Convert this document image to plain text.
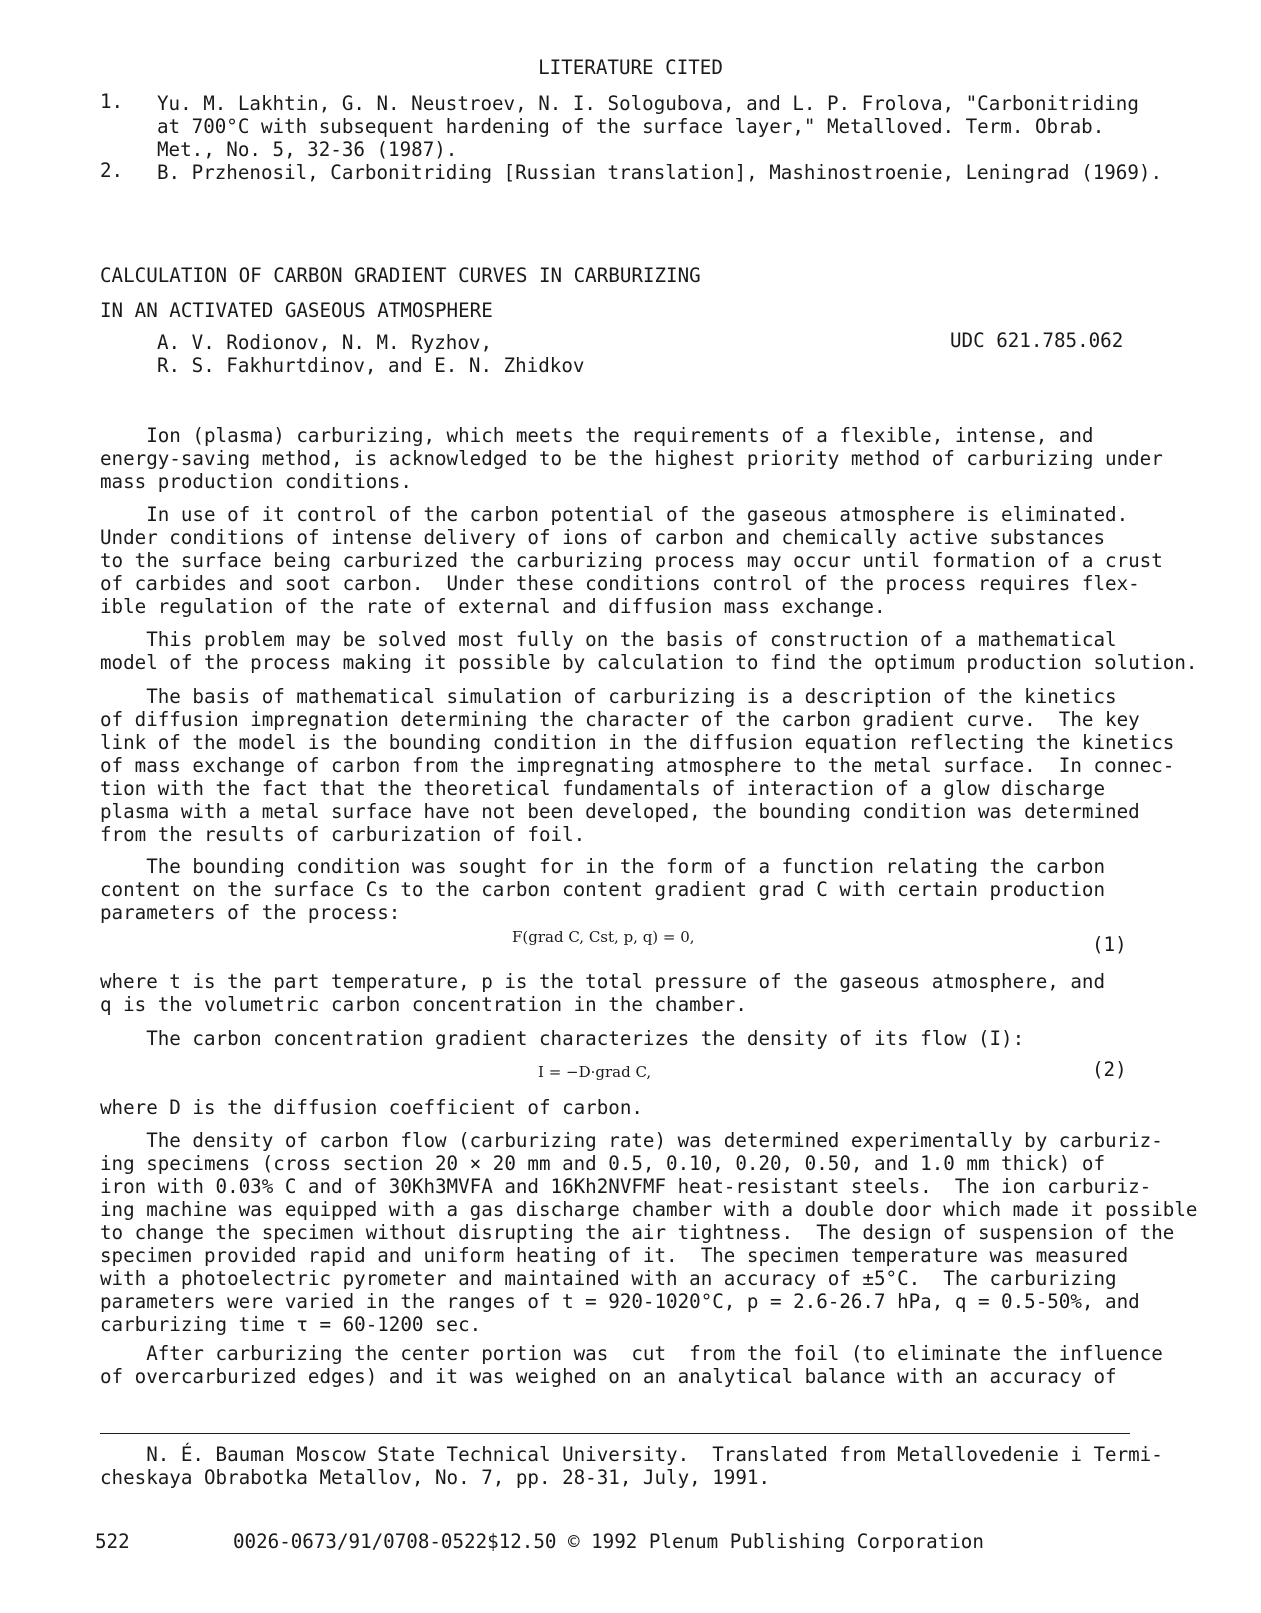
LITERATURE CITED
1. Yu. M. Lakhtin, G. N. Neustroev, N. I. Sologubova, and L. P. Frolova, "Carbonitriding
at 700°C with subsequent hardening of the surface layer," Metalloved. Term. Obrab.
Met., No. 5, 32-36 (1987).
2. B. Przhenosil, Carbonitriding [Russian translation], Mashinostroenie, Leningrad (1969).
CALCULATION OF CARBON GRADIENT CURVES IN CARBURIZING
IN AN ACTIVATED GASEOUS ATMOSPHERE
A. V. Rodionov, N. M. Ryzhov,
R. S. Fakhurtdinov, and E. N. Zhidkov
UDC 621.785.062
Ion (plasma) carburizing, which meets the requirements of a flexible, intense, and
energy-saving method, is acknowledged to be the highest priority method of carburizing under
mass production conditions.
In use of it control of the carbon potential of the gaseous atmosphere is eliminated.
Under conditions of intense delivery of ions of carbon and chemically active substances
to the surface being carburized the carburizing process may occur until formation of a crust
of carbides and soot carbon.  Under these conditions control of the process requires flex-
ible regulation of the rate of external and diffusion mass exchange.
This problem may be solved most fully on the basis of construction of a mathematical
model of the process making it possible by calculation to find the optimum production solution.
The basis of mathematical simulation of carburizing is a description of the kinetics
of diffusion impregnation determining the character of the carbon gradient curve.  The key
link of the model is the bounding condition in the diffusion equation reflecting the kinetics
of mass exchange of carbon from the impregnating atmosphere to the metal surface.  In connec-
tion with the fact that the theoretical fundamentals of interaction of a glow discharge
plasma with a metal surface have not been developed, the bounding condition was determined
from the results of carburization of foil.
The bounding condition was sought for in the form of a function relating the carbon
content on the surface Cs to the carbon content gradient grad C with certain production
parameters of the process:
F(grad C, Cst, p, q) = 0,	(1)
where t is the part temperature, p is the total pressure of the gaseous atmosphere, and
q is the volumetric carbon concentration in the chamber.
The carbon concentration gradient characterizes the density of its flow (I):
I = −D·grad C,	(2)
where D is the diffusion coefficient of carbon.
The density of carbon flow (carburizing rate) was determined experimentally by carburiz-
ing specimens (cross section 20 × 20 mm and 0.5, 0.10, 0.20, 0.50, and 1.0 mm thick) of
iron with 0.03% C and of 30Kh3MVFA and 16Kh2NVFMF heat-resistant steels.  The ion carburiz-
ing machine was equipped with a gas discharge chamber with a double door which made it possible
to change the specimen without disrupting the air tightness.  The design of suspension of the
specimen provided rapid and uniform heating of it.  The specimen temperature was measured
with a photoelectric pyrometer and maintained with an accuracy of ±5°C.  The carburizing
parameters were varied in the ranges of t = 920-1020°C, p = 2.6-26.7 hPa, q = 0.5-50%, and
carburizing time τ = 60-1200 sec.
After carburizing the center portion was  cut  from the foil (to eliminate the influence
of overcarburized edges) and it was weighed on an analytical balance with an accuracy of
N. É. Bauman Moscow State Technical University.  Translated from Metallovedenie i Termi-
cheskaya Obrabotka Metallov, No. 7, pp. 28-31, July, 1991.
522	0026-0673/91/0708-0522$12.50 © 1992 Plenum Publishing Corporation
